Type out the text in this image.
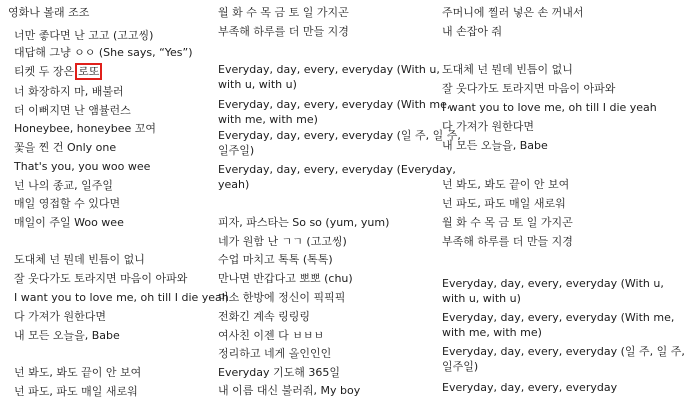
영화나 볼래 조조
너만 좋다면 난 고고 (고고씽)
대답해 그냥 ㅇㅇ (She says, “Yes”)
티켓 두 장은 로또
너 화장하지 마, 배불러
더 이뻐지면 난 앰뷸런스
Honeybee, honeybee 꼬여
꽃을 찐 건 Only one
That's you, you woo wee
넌 나의 종교, 일주일
매일 영접할 수 있다면
매일이 주일 Woo wee
도대체 넌 뭔데 빈틈이 없니
잘 웃다가도 토라지면 마음이 아파와
I want you to love me, oh till I die yeah
다 가져가 원한다면
내 모든 오늘을, Babe
넌 봐도, 봐도 끝이 안 보여
넌 파도, 파도 매일 새로워
월 화 수 목 금 토 일 가지곤
부족해 하루를 더 만들 지경
Everyday, day, every, everyday (With u,
with u, with u)
Everyday, day, every, everyday (With me,
with me, with me)
Everyday, day, every, everyday (일 주, 일 주,
일주일)
Everyday, day, every, everyday (Everyday,
yeah)
피자, 파스타는 So so (yum, yum)
네가 원함 난 ㄱㄱ (고고씽)
수업 마치고 톡톡 (톡톡)
만나면 반갑다고 뽀뽀 (chu)
미소 한방에 정신이 픽픽픽
전화긴 계속 링링링
여사친 이젠 다 ㅂㅂㅂ
정리하고 네게 올인인인
Everyday 기도해 365일
내 이름 대신 불러줘, My boy
주머니에 찔러 넣은 손 꺼내서
내 손잡아 줘
도대체 넌 뭔데 빈틈이 없니
잘 웃다가도 토라지면 마음이 아파와
I want you to love me, oh till I die yeah
다 가져가 원한다면
내 모든 오늘을, Babe
넌 봐도, 봐도 끝이 안 보여
넌 파도, 파도 매일 새로워
월 화 수 목 금 토 일 가지곤
부족해 하루를 더 만들 지경
Everyday, day, every, everyday (With u,
with u, with u)
Everyday, day, every, everyday (With me,
with me, with me)
Everyday, day, every, everyday (일 주, 일 주,
일주일)
Everyday, day, every, everyday
